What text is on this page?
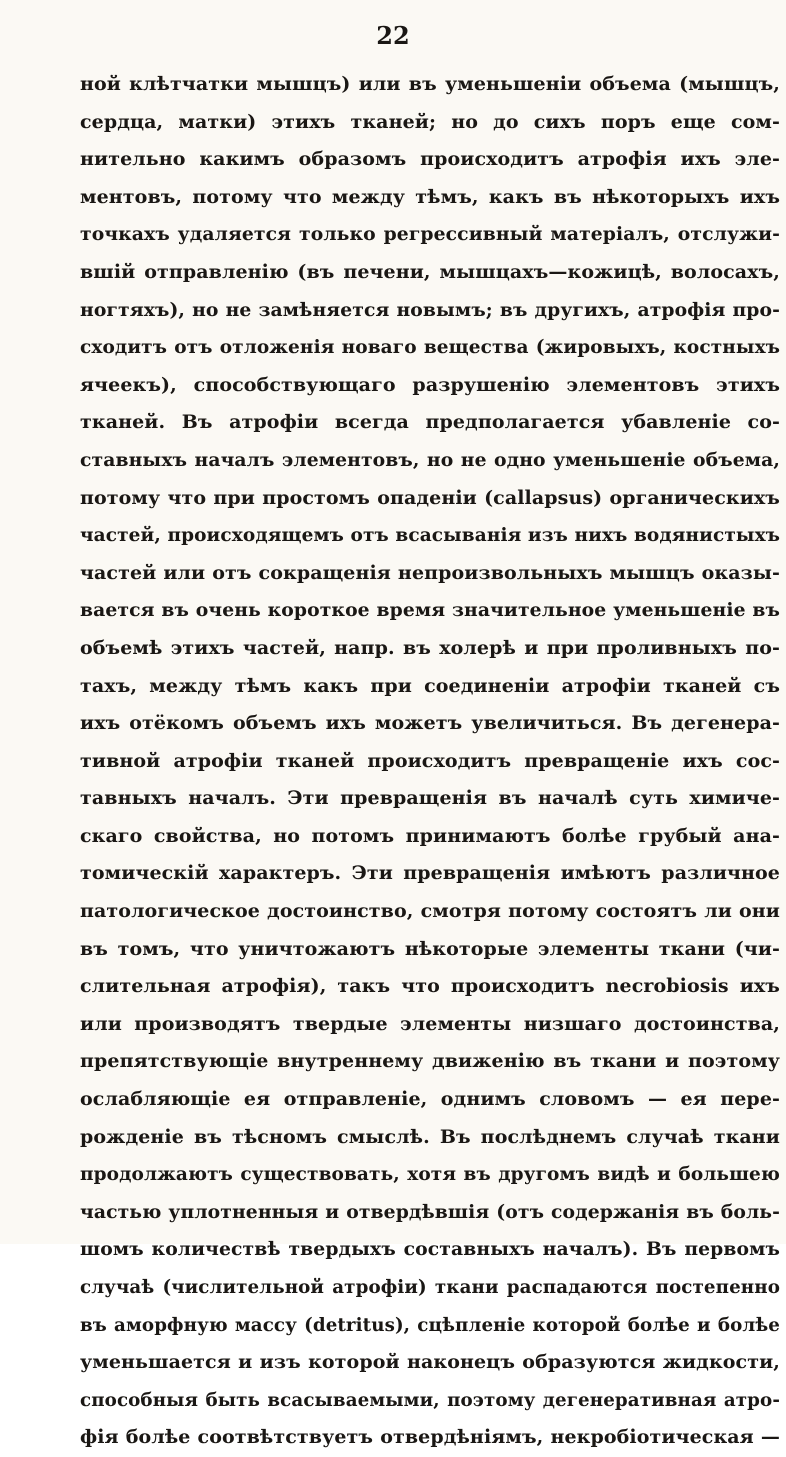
22
ной клѣтчатки мышцъ) или въ уменьшеніи объема (мышцъ,
сердца, матки) этихъ тканей; но до сихъ поръ еще сом-
нительно какимъ образомъ происходитъ атрофія ихъ эле-
ментовъ, потому что между тѣмъ, какъ въ нѣкоторыхъ ихъ
точкахъ удаляется только регрессивный матеріалъ, отслужи-
вшій отправленію (въ печени, мышцахъ—кожицѣ, волосахъ,
ногтяхъ), но не замѣняется новымъ; въ другихъ, атрофія про-
сходитъ отъ отложенія новаго вещества (жировыхъ, костныхъ
ячеекъ), способствующаго разрушенію элементовъ этихъ
тканей. Въ атрофіи всегда предполагается убавленіе со-
ставныхъ началъ элементовъ, но не одно уменьшеніе объема,
потому что при простомъ опаденіи (callapsus) органическихъ
частей, происходящемъ отъ всасыванія изъ нихъ водянистыхъ
частей или отъ сокращенія непроизвольныхъ мышцъ оказы-
вается въ очень короткое время значительное уменьшеніе въ
объемѣ этихъ частей, напр. въ холерѣ и при проливныхъ по-
тахъ, между тѣмъ какъ при соединеніи атрофіи тканей съ
ихъ отёкомъ объемъ ихъ можетъ увеличиться. Въ дегенера-
тивной атрофіи тканей происходитъ превращеніе ихъ сос-
тавныхъ началъ. Эти превращенія въ началѣ суть химиче-
скаго свойства, но потомъ принимаютъ болѣе грубый ана-
томическій характеръ. Эти превращенія имѣютъ различное
патологическое достоинство, смотря потому состоятъ ли они
въ томъ, что уничтожаютъ нѣкоторые элементы ткани (чи-
слительная атрофія), такъ что происходитъ necrobiosis ихъ
или производятъ твердые элементы низшаго достоинства,
препятствующіе внутреннему движенію въ ткани и поэтому
ослабляющіе ея отправленіе, однимъ словомъ — ея пере-
рожденіе въ тѣсномъ смыслѣ. Въ послѣднемъ случаѣ ткани
продолжаютъ существовать, хотя въ другомъ видѣ и большею
частью уплотненныя и отвердѣвшія (отъ содержанія въ боль-
шомъ количествѣ твердыхъ составныхъ началъ). Въ первомъ
случаѣ (числительной атрофіи) ткани распадаются постепенно
въ аморфную массу (detritus), сцѣпленіе которой болѣе и болѣе
уменьшается и изъ которой наконецъ образуются жидкости,
способныя быть всасываемыми, поэтому дегенеративная атро-
фія болѣе соотвѣтствуетъ отвердѣніямъ, некробіотическая —
